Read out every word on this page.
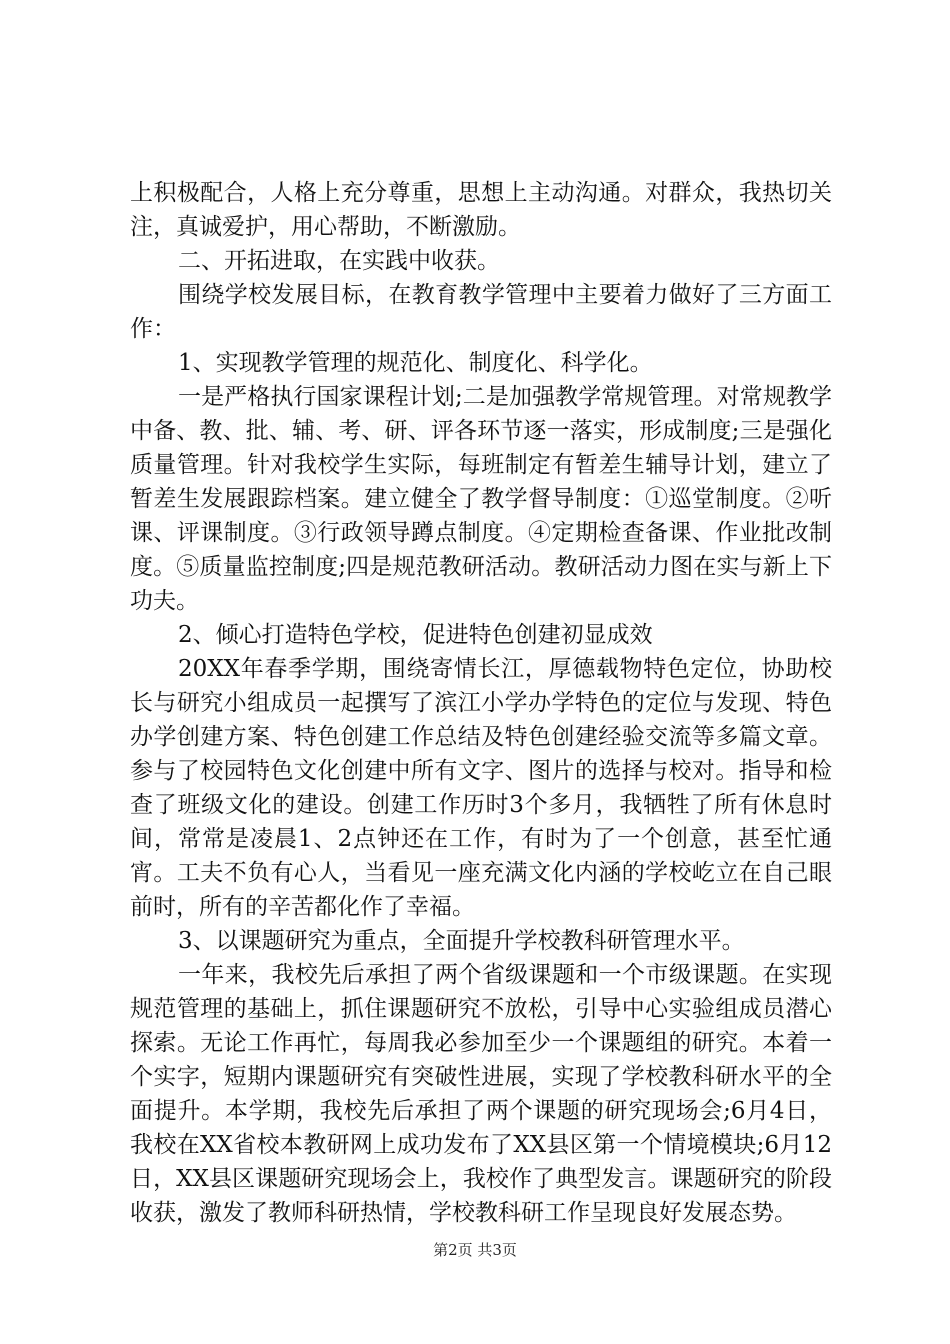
上积极配合，人格上充分尊重，思想上主动沟通。对群众，我热切关注，真诚爱护，用心帮助，不断激励。

二、开拓进取，在实践中收获。

围绕学校发展目标，在教育教学管理中主要着力做好了三方面工作：

1、实现教学管理的规范化、制度化、科学化。

一是严格执行国家课程计划;二是加强教学常规管理。对常规教学中备、教、批、辅、考、研、评各环节逐一落实，形成制度;三是强化质量管理。针对我校学生实际，每班制定有暂差生辅导计划，建立了暂差生发展跟踪档案。建立健全了教学督导制度：①巡堂制度。②听课、评课制度。③行政领导蹲点制度。④定期检查备课、作业批改制度。⑤质量监控制度;四是规范教研活动。教研活动力图在实与新上下功夫。

2、倾心打造特色学校，促进特色创建初显成效

20XX年春季学期，围绕寄情长江，厚德载物特色定位，协助校长与研究小组成员一起撰写了滨江小学办学特色的定位与发现、特色办学创建方案、特色创建工作总结及特色创建经验交流等多篇文章。参与了校园特色文化创建中所有文字、图片的选择与校对。指导和检查了班级文化的建设。创建工作历时3个多月，我牺牲了所有休息时间，常常是凌晨1、2点钟还在工作，有时为了一个创意，甚至忙通宵。工夫不负有心人，当看见一座充满文化内涵的学校屹立在自己眼前时，所有的辛苦都化作了幸福。

3、以课题研究为重点，全面提升学校教科研管理水平。

一年来，我校先后承担了两个省级课题和一个市级课题。在实现规范管理的基础上，抓住课题研究不放松，引导中心实验组成员潜心探索。无论工作再忙，每周我必参加至少一个课题组的研究。本着一个实字，短期内课题研究有突破性进展，实现了学校教科研水平的全面提升。本学期，我校先后承担了两个课题的研究现场会;6月4日，我校在XX省校本教研网上成功发布了XX县区第一个情境模块;6月12日，XX县区课题研究现场会上，我校作了典型发言。课题研究的阶段收获，激发了教师科研热情，学校教科研工作呈现良好发展态势。

第2页 共3页
